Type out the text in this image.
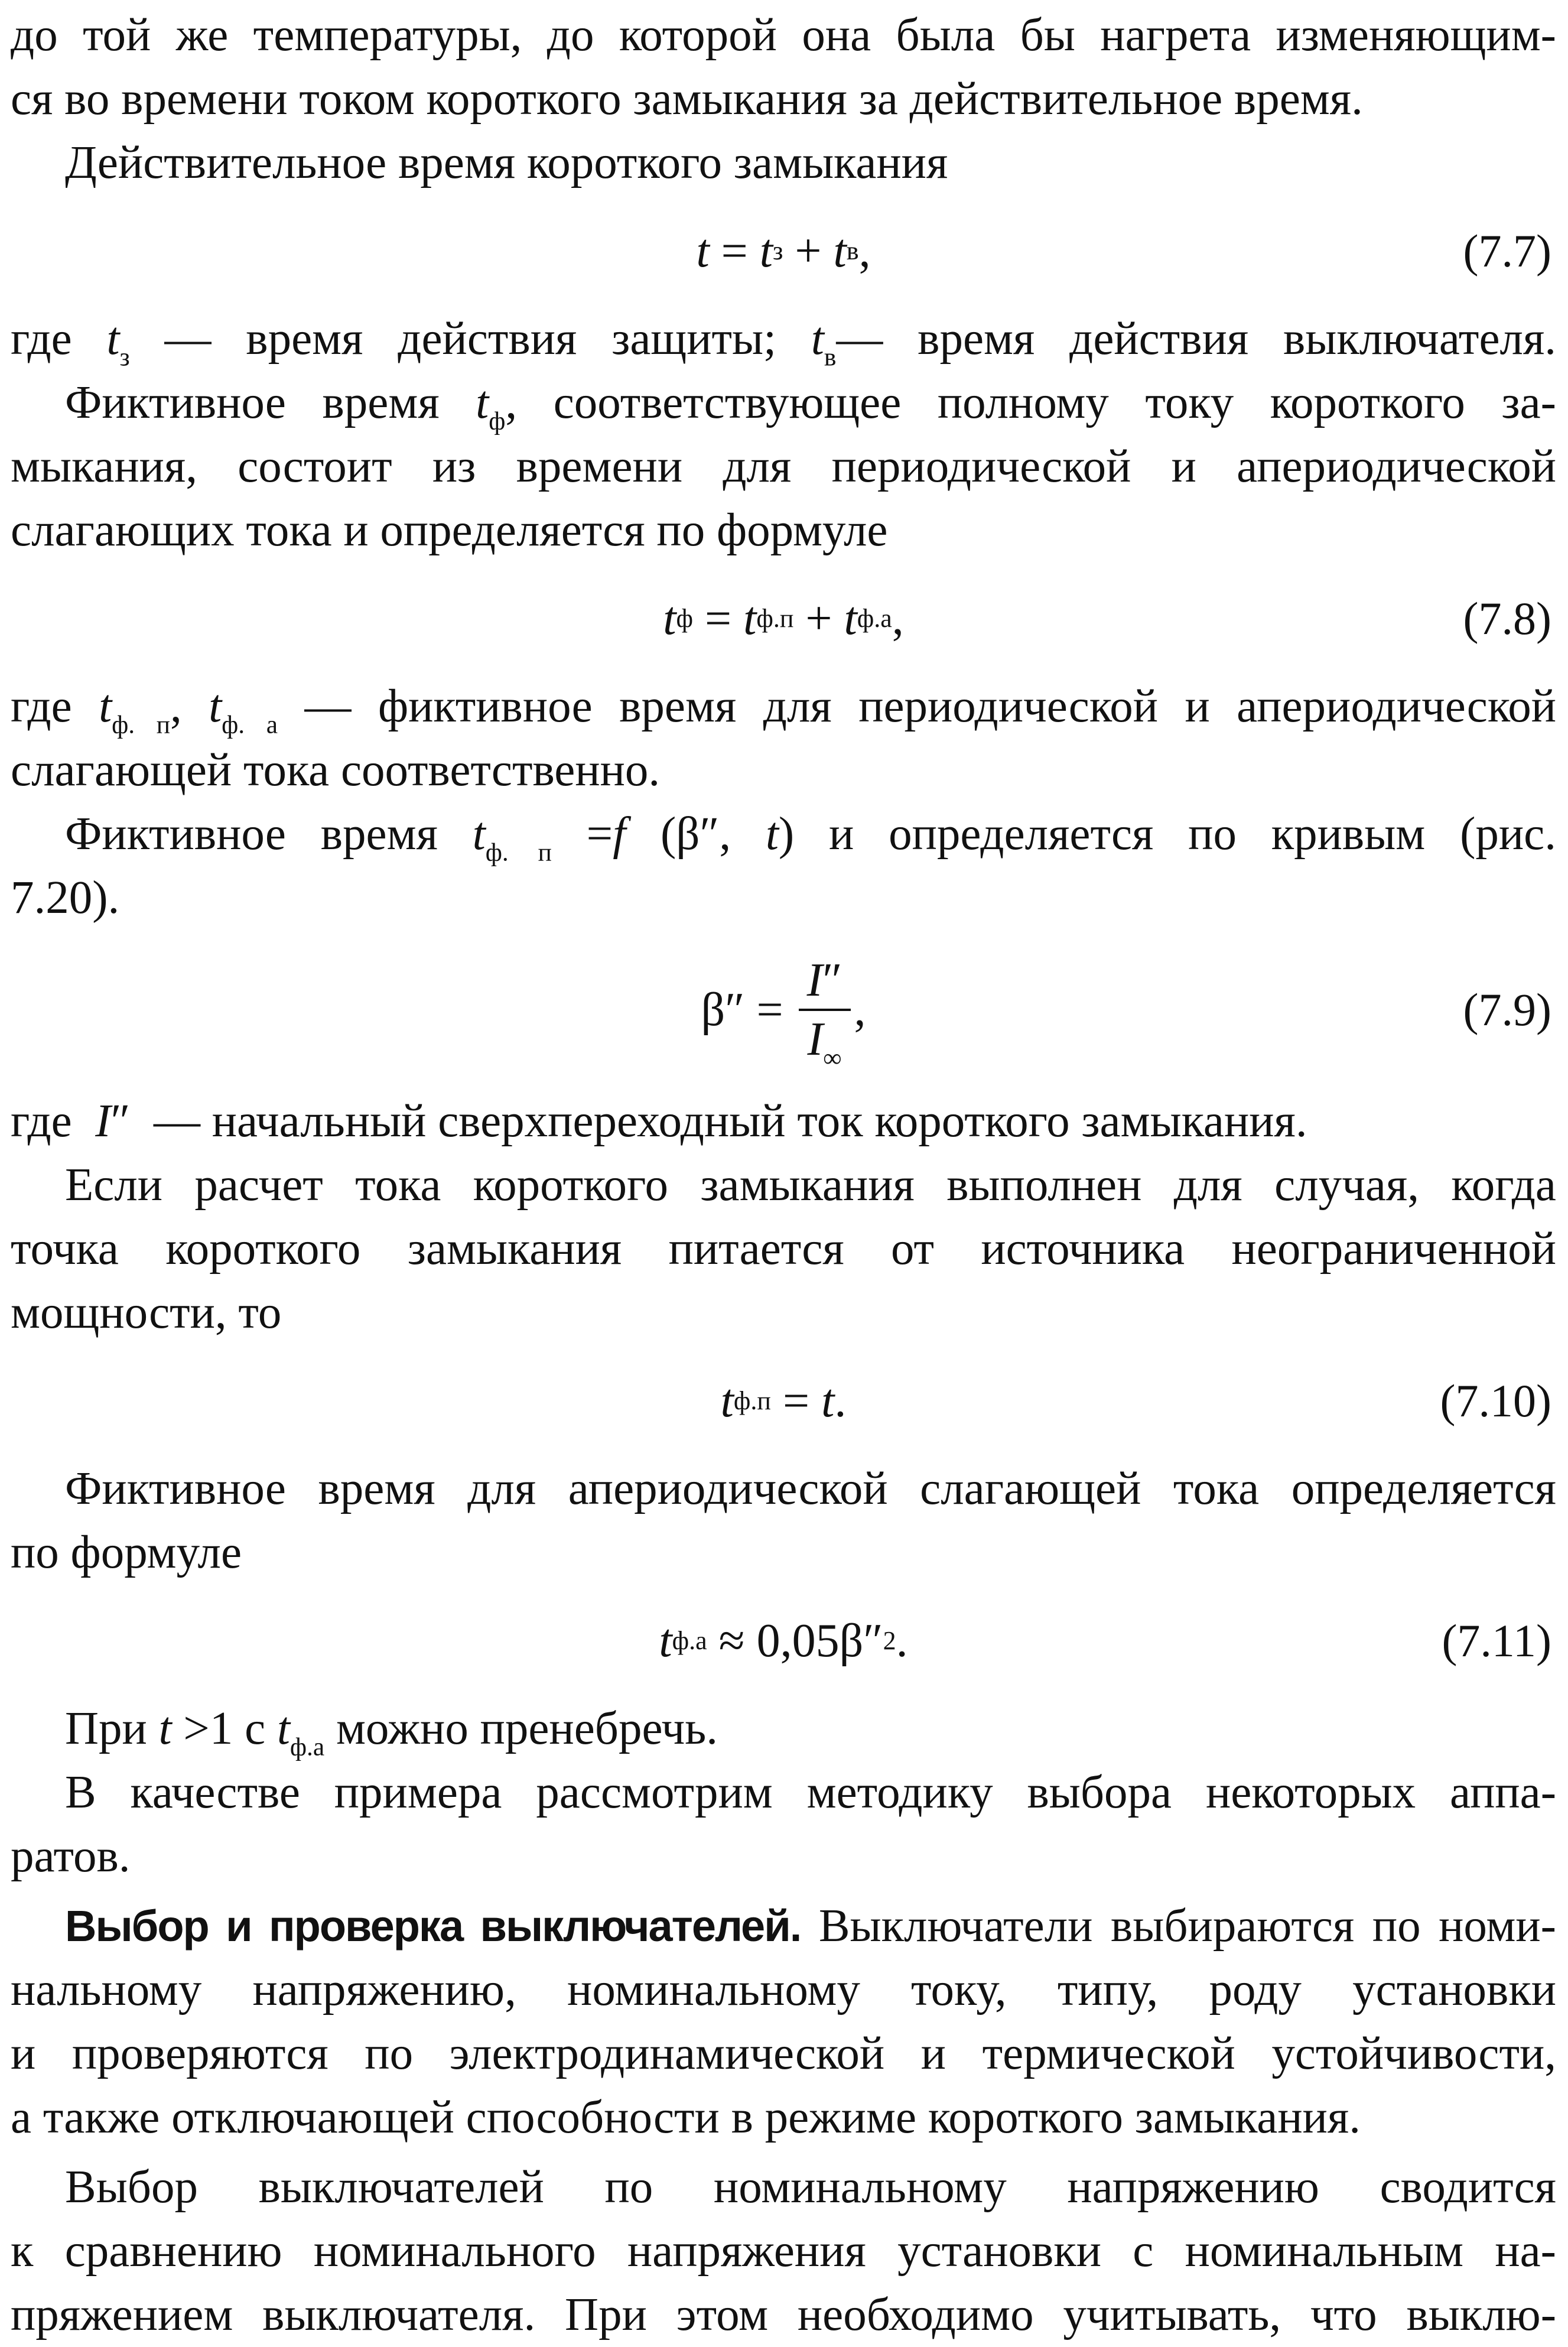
до той же температуры, до которой она была бы нагрета изменяющим-

ся во времени током короткого замыкания за действительное время.

Действительное время короткого замыкания

t = t з + t в ,	(7.7)

где $t_з$ — время действия защиты; $t_в—$ время действия выключателя.

Фиктивное время $t_ф$, соответствующее полному току короткого за-

мыкания, состоит из времени для периодической и апериодической

слагающих тока и определяется по формуле

t ф = t ф.п + t ф.а ,	(7.8)

где $t_{ф. п}$, $t_{ф. а}$ — фиктивное время для периодической и апериодической

слагающей тока соответственно.

Фиктивное время $t_{ф. п} =f$ (β″, t) и определяется по кривым (рис.

7.20).

$\beta'' = \frac{I''}{I_\infty}$ ,	(7.9)

где I″  — начальный сверхпереходный ток короткого замыкания.

Если расчет тока короткого замыкания выполнен для случая, когда

точка короткого замыкания питается от источника неограниченной

мощности, то

t ф.п = t .	(7.10)

Фиктивное время для апериодической слагающей тока определяется

по формуле

t ф.а ≈ 0,05β″ 2 .	(7.11)

При t >1 с $t_{ф.а}$ можно пренебречь.

В качестве примера рассмотрим методику выбора некоторых аппа-

ратов.

Выбор и проверка выключателей. Выключатели выбираются по номи-

нальному напряжению, номинальному току, типу, роду установки

и проверяются по электродинамической и термической устойчивости,

а также отключающей способности в режиме короткого замыкания.

Выбор выключателей по номинальному напряжению сводится

к сравнению номинального напряжения установки с номинальным на-

пряжением выключателя. При этом необходимо учитывать, что выклю-
